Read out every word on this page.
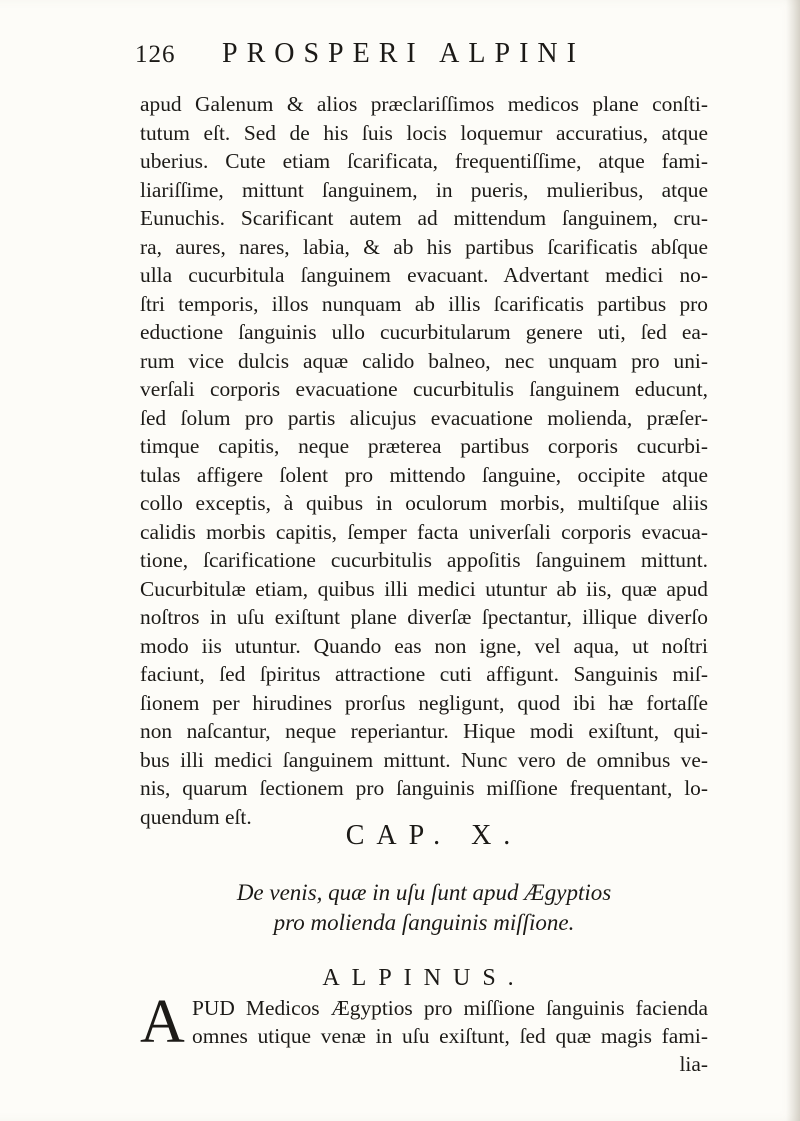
126 PROSPERI ALPINI
apud Galenum & alios præclariſſimos medicos plane conſti-
tutum eſt. Sed de his ſuis locis loquemur accuratius, atque
uberius. Cute etiam ſcarificata, frequentiſſime, atque fami-
liariſſime, mittunt ſanguinem, in pueris, mulieribus, atque
Eunuchis. Scarificant autem ad mittendum ſanguinem, cru-
ra, aures, nares, labia, & ab his partibus ſcarificatis abſque
ulla cucurbitula ſanguinem evacuant. Advertant medici no-
ſtri temporis, illos nunquam ab illis ſcarificatis partibus pro
eductione ſanguinis ullo cucurbitularum genere uti, ſed ea-
rum vice dulcis aquæ calido balneo, nec unquam pro uni-
verſali corporis evacuatione cucurbitulis ſanguinem educunt,
ſed ſolum pro partis alicujus evacuatione molienda, præſer-
timque capitis, neque præterea partibus corporis cucurbi-
tulas affigere ſolent pro mittendo ſanguine, occipite atque
collo exceptis, à quibus in oculorum morbis, multiſque aliis
calidis morbis capitis, ſemper facta univerſali corporis evacua-
tione, ſcarificatione cucurbitulis appoſitis ſanguinem mittunt.
Cucurbitulæ etiam, quibus illi medici utuntur ab iis, quæ apud
noſtros in uſu exiſtunt plane diverſæ ſpectantur, illique diverſo
modo iis utuntur. Quando eas non igne, vel aqua, ut noſtri
faciunt, ſed ſpiritus attractione cuti affigunt. Sanguinis miſ-
ſionem per hirudines prorſus negligunt, quod ibi hæ fortaſſe
non naſcantur, neque reperiantur. Hique modi exiſtunt, qui-
bus illi medici ſanguinem mittunt. Nunc vero de omnibus ve-
nis, quarum ſectionem pro ſanguinis miſſione frequentant, lo-
quendum eſt.
CAP. X.
De venis, quæ in uſu ſunt apud Ægyptios
pro molienda ſanguinis miſſione.
ALPINUS.
A PUD Medicos Ægyptios pro miſſione ſanguinis facienda
omnes utique venæ in uſu exiſtunt, ſed quæ magis fami-
lia-
